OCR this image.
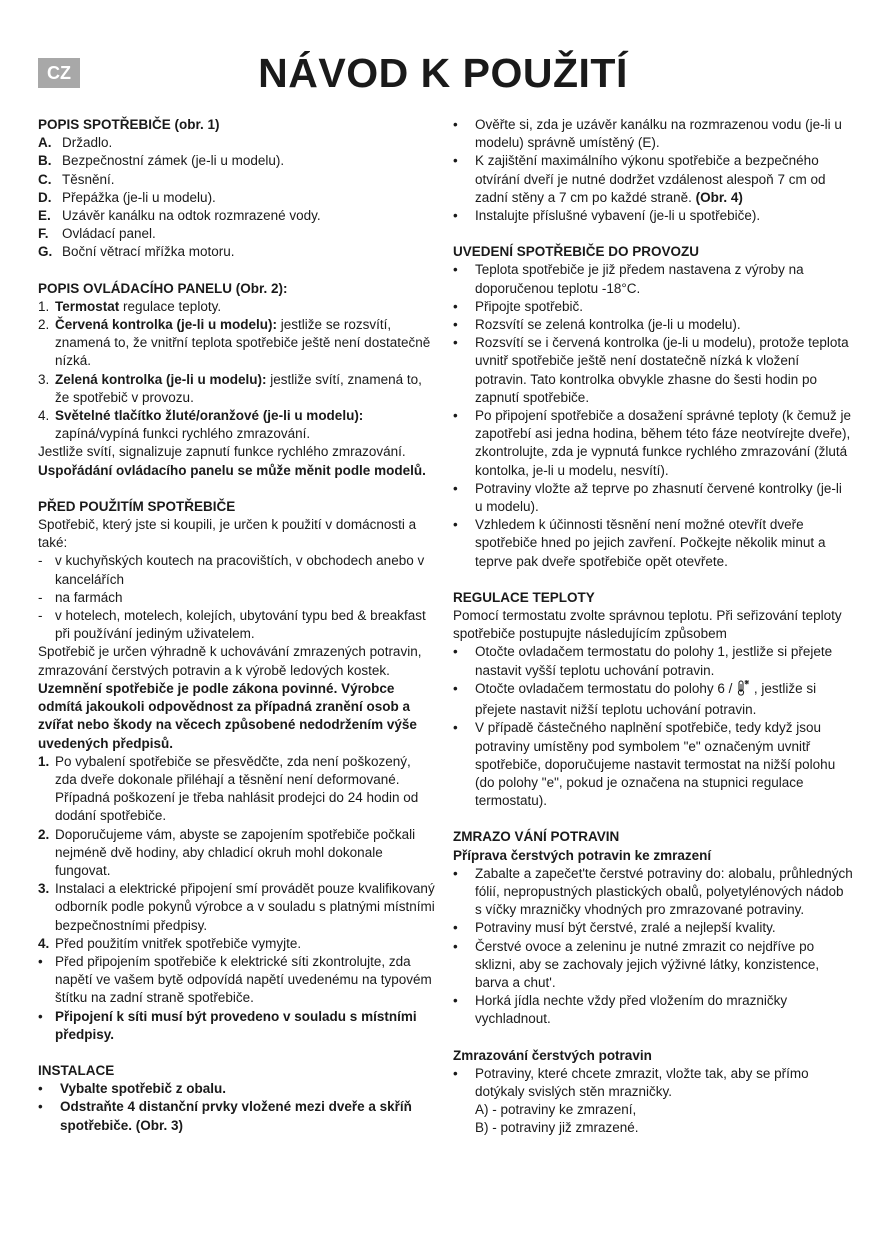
CZ	NÁVOD K POUŽITÍ
POPIS SPOTŘEBIČE (obr. 1)
A. Držadlo.
B. Bezpečnostní zámek (je-li u modelu).
C. Těsnění.
D. Přepážka (je-li u modelu).
E. Uzávěr kanálku na odtok rozmrazené vody.
F. Ovládací panel.
G. Boční větrací mřížka motoru.
POPIS OVLÁDACÍHO PANELU (Obr. 2):
1. Termostat regulace teploty.
2. Červená kontrolka (je-li u modelu): jestliže se rozsvítí, znamená to, že vnitřní teplota spotřebiče ještě není dostatečně nízká.
3. Zelená kontrolka (je-li u modelu): jestliže svítí, znamená to, že spotřebič v provozu.
4. Světelné tlačítko žluté/oranžové (je-li u modelu): zapíná/vypíná funkci rychlého zmrazování.
Jestliže svítí, signalizuje zapnutí funkce rychlého zmrazování.
Uspořádání ovládacího panelu se může měnit podle modelů.
PŘED POUŽITÍM SPOTŘEBIČE
Spotřebič, který jste si koupili, je určen k použití v domácnosti a také:
- v kuchyňských koutech na pracovištích, v obchodech anebo v kancelářích
- na farmách
- v hotelech, motelech, kolejích, ubytování typu bed & breakfast při používání jediným uživatelem.
Spotřebič je určen výhradně k uchovávání zmrazených potravin, zmrazování čerstvých potravin a k výrobě ledových kostek.
Uzemnění spotřebiče je podle zákona povinné. Výrobce odmítá jakoukoli odpovědnost za případná zranění osob a zvířat nebo škody na věcech způsobené nedodržením výše uvedených předpisů.
1. Po vybalení spotřebiče se přesvědčte, zda není poškozený, zda dveře dokonale přiléhají a těsnění není deformované. Případná poškození je třeba nahlásit prodejci do 24 hodin od dodání spotřebiče.
2. Doporučujeme vám, abyste se zapojením spotřebiče počkali nejméně dvě hodiny, aby chladicí okruh mohl dokonale fungovat.
3. Instalaci a elektrické připojení smí provádět pouze kvalifikovaný odborník podle pokynů výrobce a v souladu s platnými místními bezpečnostními předpisy.
4. Před použitím vnitřek spotřebiče vymyjte.
• Před připojením spotřebiče k elektrické síti zkontrolujte, zda napětí ve vašem bytě odpovídá napětí uvedenému na typovém štítku na zadní straně spotřebiče.
• Připojení k síti musí být provedeno v souladu s místními předpisy.
INSTALACE
•	Vybalte spotřebič z obalu.
•	Odstraňte 4 distanční prvky vložené mezi dveře a skříň spotřebiče. (Obr. 3)
•	Ověřte si, zda je uzávěr kanálku na rozmrazenou vodu (je-li u modelu) správně umístěný (E).
•	K zajištění maximálního výkonu spotřebiče a bezpečného otvírání dveří je nutné dodržet vzdálenost alespoň 7 cm od zadní stěny a 7 cm po každé straně. (Obr. 4)
•	Instalujte příslušné vybavení (je-li u spotřebiče).
UVEDENÍ SPOTŘEBIČE DO PROVOZU
•	Teplota spotřebiče je již předem nastavena z výroby na doporučenou teplotu -18°C.
•	Připojte spotřebič.
•	Rozsvítí se zelená kontrolka (je-li u modelu).
•	Rozsvítí se i červená kontrolka (je-li u modelu), protože teplota uvnitř spotřebiče ještě není dostatečně nízká k vložení potravin. Tato kontrolka obvykle zhasne do šesti hodin po zapnutí spotřebiče.
•	Po připojení spotřebiče a dosažení správné teploty (k čemuž je zapotřebí asi jedna hodina, během této fáze neotvírejte dveře), zkontrolujte, zda je vypnutá funkce rychlého zmrazování (žlutá kontolka, je-li u modelu, nesvítí).
•	Potraviny vložte až teprve po zhasnutí červené kontrolky (je-li u modelu).
•	Vzhledem k účinnosti těsnění není možné otevřít dveře spotřebiče hned po jejich zavření. Počkejte několik minut a teprve pak dveře spotřebiče opět otevřete.
REGULACE TEPLOTY
Pomocí termostatu zvolte správnou teplotu. Při seřizování teploty spotřebiče postupujte následujícím způsobem
•	Otočte ovladačem termostatu do polohy 1, jestliže si přejete nastavit vyšší teplotu uchování potravin.
•	Otočte ovladačem termostatu do polohy 6 /  , jestliže si přejete nastavit nižší teplotu uchování potravin.
•	V případě částečného naplnění spotřebiče, tedy když jsou potraviny umístěny pod symbolem "e" označeným uvnitř spotřebiče, doporučujeme nastavit termostat na nižší polohu (do polohy "e", pokud je označena na stupnici regulace termostatu).
ZMRAZO VÁNÍ POTRAVIN
Příprava čerstvých potravin ke zmrazení
•	Zabalte a zapečet'te čerstvé potraviny do: alobalu, průhledných fólií, nepropustných plastických obalů, polyetylénových nádob s víčky mrazničky vhodných pro zmrazované potraviny.
•	Potraviny musí být čerstvé, zralé a nejlepší kvality.
•	Čerstvé ovoce a zeleninu je nutné zmrazit co nejdříve po sklizni, aby se zachovaly jejich výživné látky, konzistence, barva a chut'.
•	Horká jídla nechte vždy před vložením do mrazničky vychladnout.
Zmrazování čerstvých potravin
•	Potraviny, které chcete zmrazit, vložte tak, aby se přímo dotýkaly svislých stěn mrazničky.
A) - potraviny ke zmrazení,
B) - potraviny již zmrazené.
